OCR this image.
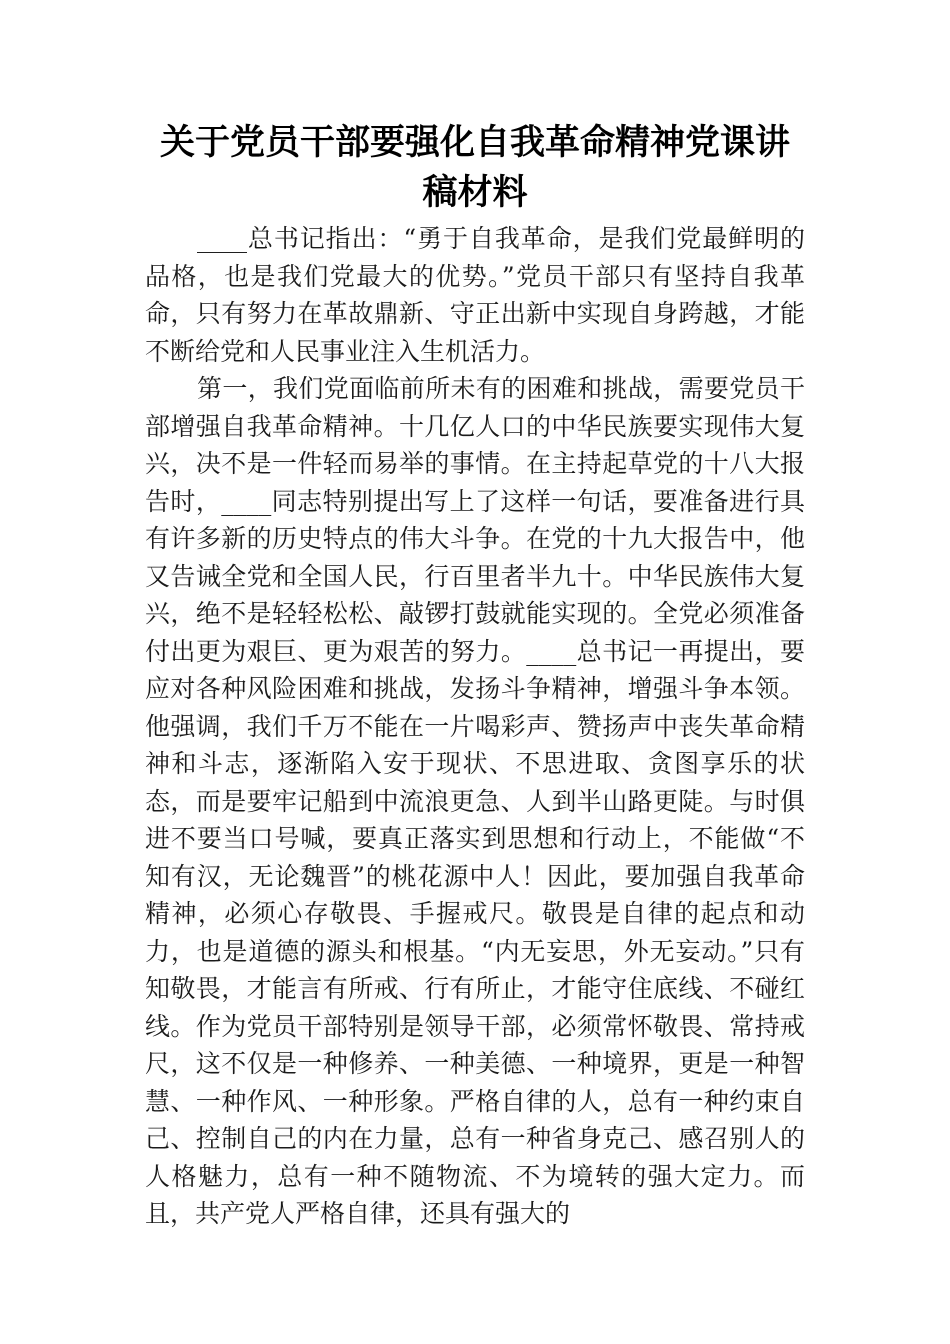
关于党员干部要强化自我革命精神党课讲稿材料

____总书记指出：“勇于自我革命，是我们党最鲜明的品格，也是我们党最大的优势。”党员干部只有坚持自我革命，只有努力在革故鼎新、守正出新中实现自身跨越，才能不断给党和人民事业注入生机活力。

第一，我们党面临前所未有的困难和挑战，需要党员干部增强自我革命精神。十几亿人口的中华民族要实现伟大复兴，决不是一件轻而易举的事情。在主持起草党的十八大报告时，____同志特别提出写上了这样一句话，要准备进行具有许多新的历史特点的伟大斗争。在党的十九大报告中，他又告诫全党和全国人民，行百里者半九十。中华民族伟大复兴，绝不是轻轻松松、敲锣打鼓就能实现的。全党必须准备付出更为艰巨、更为艰苦的努力。____总书记一再提出，要应对各种风险困难和挑战，发扬斗争精神，增强斗争本领。他强调，我们千万不能在一片喝彩声、赞扬声中丧失革命精神和斗志，逐渐陷入安于现状、不思进取、贪图享乐的状态，而是要牢记船到中流浪更急、人到半山路更陡。与时俱进不要当口号喊，要真正落实到思想和行动上，不能做“不知有汉，无论魏晋”的桃花源中人！因此，要加强自我革命精神，必须心存敬畏、手握戒尺。敬畏是自律的起点和动力，也是道德的源头和根基。“内无妄思，外无妄动。”只有知敬畏，才能言有所戒、行有所止，才能守住底线、不碰红线。作为党员干部特别是领导干部，必须常怀敬畏、常持戒尺，这不仅是一种修养、一种美德、一种境界，更是一种智慧、一种作风、一种形象。严格自律的人，总有一种约束自己、控制自己的内在力量，总有一种省身克己、感召别人的人格魅力，总有一种不随物流、不为境转的强大定力。而且，共产党人严格自律，还具有强大的
